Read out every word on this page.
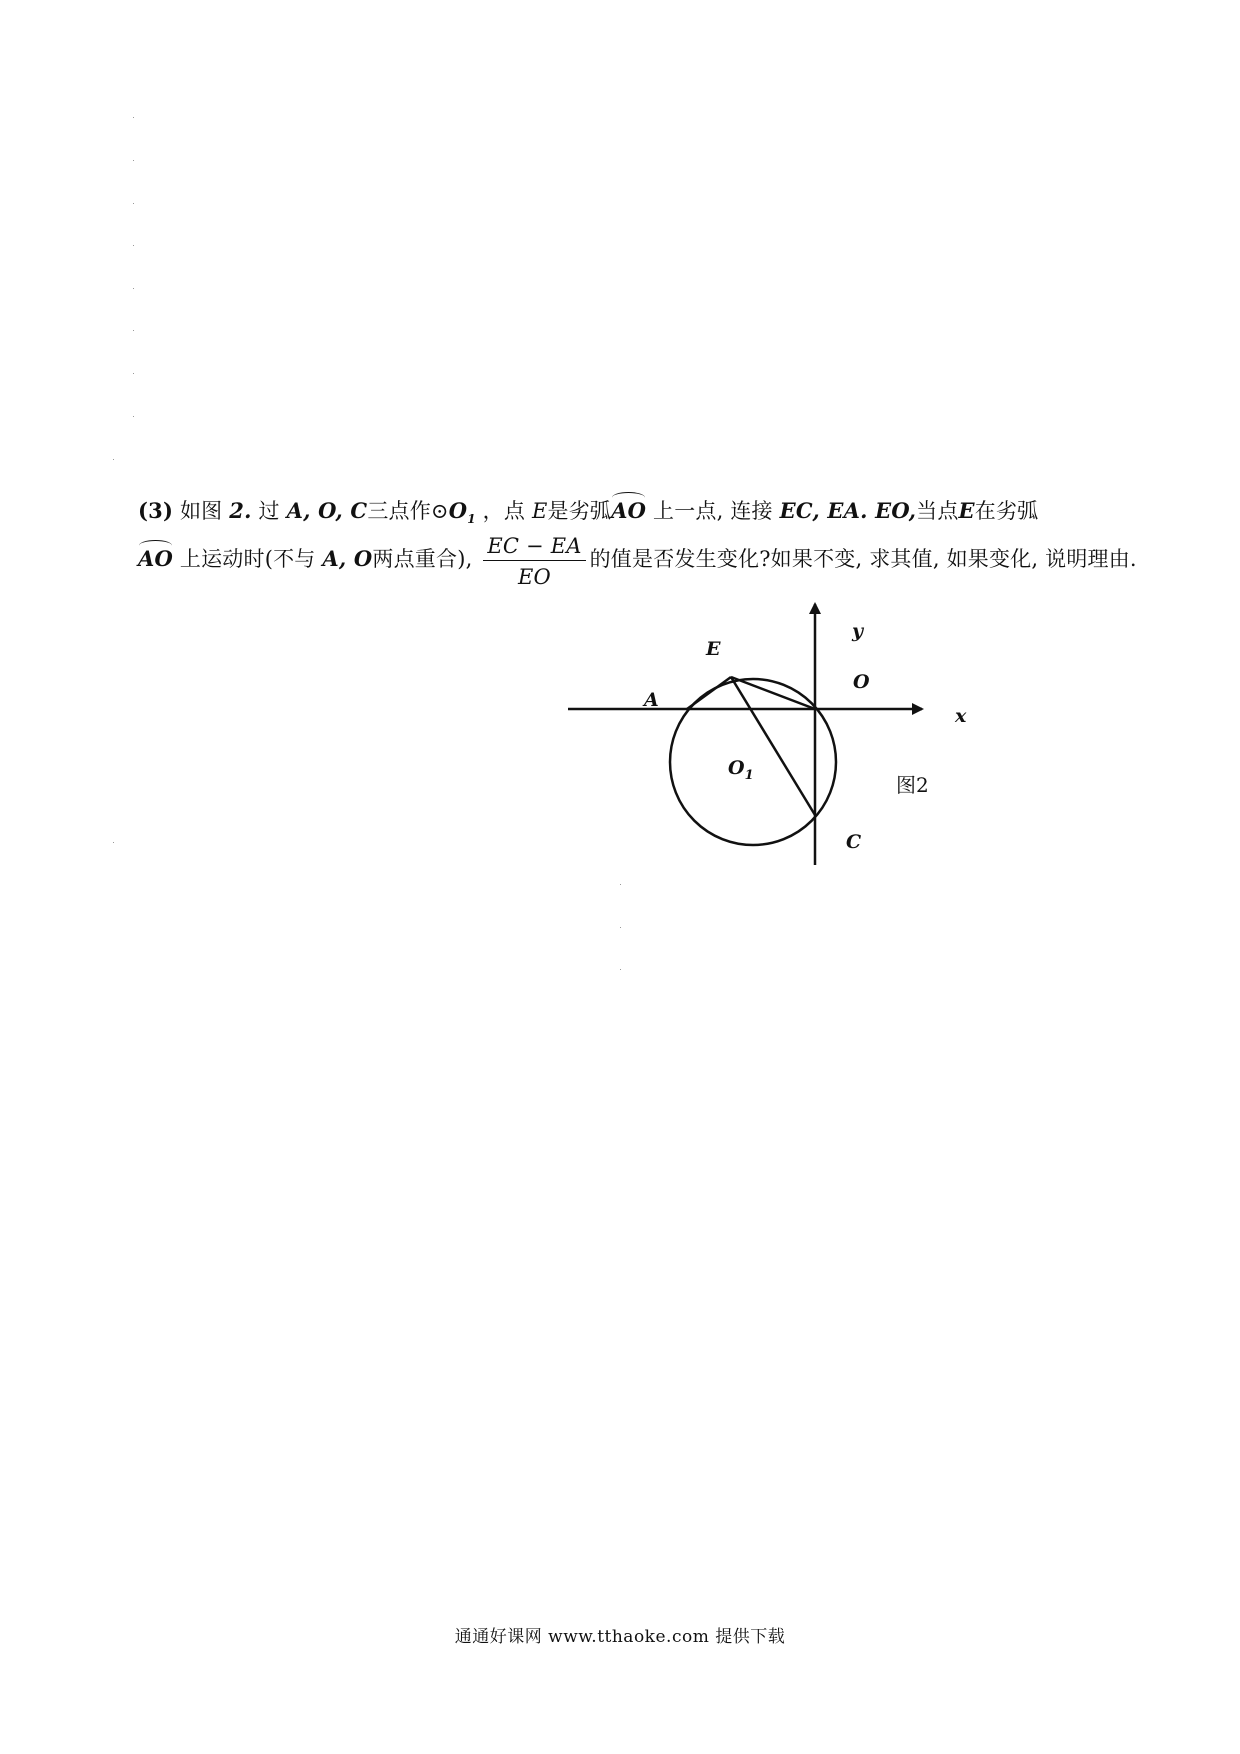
(3) 如图 2. 过 A, O, C三点作$⊙O_1$ ，点 E是劣弧AO 上一点, 连接 EC, EA. EO,当点E在劣弧
AO 上运动时(不与 A, O两点重合), $\frac{EC - EA}{EO}$ 的值是否发生变化?如果不变, 求其值, 如果变化, 说明理由.
E
A
O
y
x
$O_1$
C
图2
通通好课网 www.tthaoke.com 提供下载
